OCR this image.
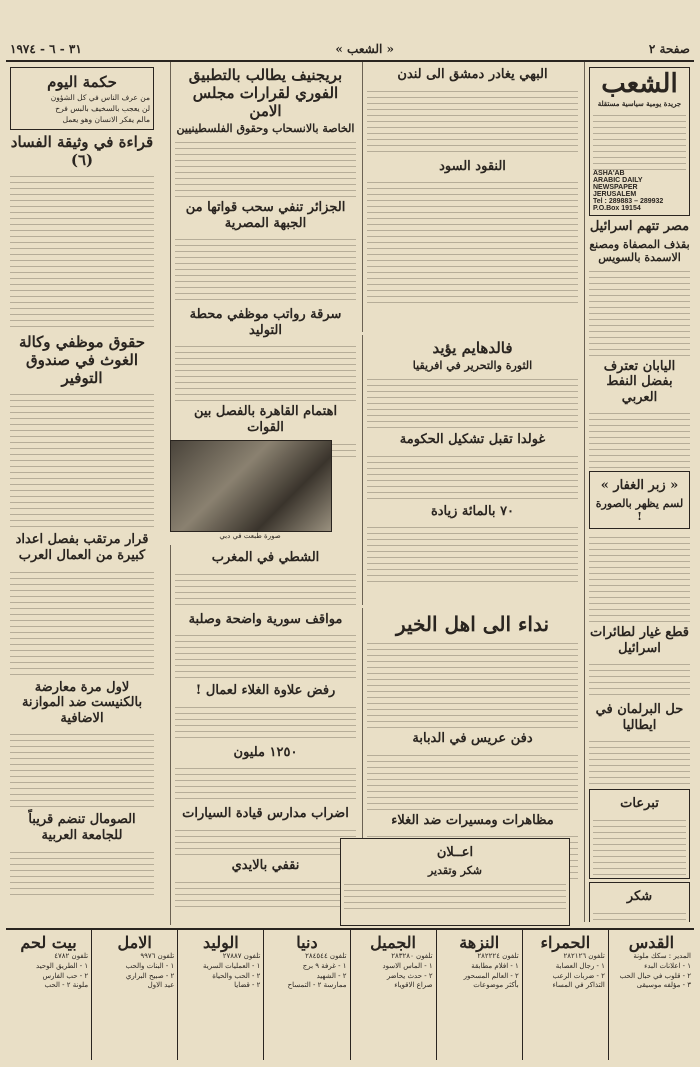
صفحة ٢
« الشعب »
٣١ - ٦ - ١٩٧٤
الشعب
جريدة يومية سياسية مستقلة
ASHA'AB
ARABIC DAILY NEWSPAPER
JERUSALEM
Tel : 289883 – 289932
P.O.Box 19154
مصر تتهم اسرائيل
بقذف المصفاة ومصنع الاسمدة بالسويس
اليابان تعترف بفضل النفط العربي
« زبر الغفار »
لسم يظهر بالصورة !
قطع غيار لطائرات اسرائيل
حل البرلمان في ايطاليا
تبرعات
شكر
البهي يغادر دمشق الى لندن
النقود السود
فالدهايم يؤيد
الثورة والتحرير في افريقيا
غولدا تقبل تشكيل الحكومة
٧٠ بالمائة زيادة
نداء الى اهل الخير
دفن عريس في الدبابة
مظاهرات ومسيرات ضد الغلاء
بريجنيف يطالب بالتطبيق الفوري لقرارات مجلس الامن
الخاصة بالانسحاب وحقوق الفلسطينيين
الجزائر تنفي سحب قواتها من الجبهة المصرية
سرقة رواتب موظفي محطة التوليد
اهتمام القاهرة بالفصل بين القوات
صورة طبعت في دبي
الشطي في المغرب
مواقف سورية واضحة وصلبة
رفض علاوة الغلاء لعمال !
١٢٥٠ مليون
اضراب مدارس قيادة السيارات
نقفي بالايدي
حكمة اليوم
من عرف الناس في كل الشؤون
لن يعجب بالسخيف بالبس فرح
مالم يفكر الانسان وهو يعمل
قراءة في وثيقة الفساد (٦)
حقوق موظفي وكالة الغوث في صندوق التوفير
قرار مرتقب بفصل اعداد كبيرة من العمال العرب
لاول مرة معارضة بالكنيست ضد الموازنة الاضافية
الصومال تنضم قريباً للجامعة العربية
اعــلان
شكر وتقدير
القدس
المدير : سكك ملونة
١ - اعلانات البدء
٢ - قلوب في حبال الحب
٣ - مؤلفه موسيقى
الحمراء
تلفون ٢٨٢١٢٦
١ - رجال العصابة
٢ - ضربات الرعب
التذاكر في المساء
النزهة
تلفون ٢٨٢٢٢٤
١ - افلام مطابقة
٢ - العالم المسحور
بأكثر موضوعات
الجميل
تلفون ٢٨٣٢٨٠
١ - الماس الاسود
٢ - حدث يحاضر
صراع الاقوياء
دنيا
تلفون ٢٨٤٥٤٤
١ - غرفة ٩ برج
٢ - الشهيد
ممارسة ٢ - التمساح
الوليد
تلفون ٢٧٨٨٧
١ - العمليات السرية
٢ - الحب والحياة
٢ - قضايا
الامل
تلفون ٩٩٧٦
١ - البنات والحب
٢ - صبيح البراري
عيد الاول
بيت لحم
تلفون ٤٧٨٢
١ - الطريق الوحيد
٢ - حب الفارس
ملونة ٢ - الحب
